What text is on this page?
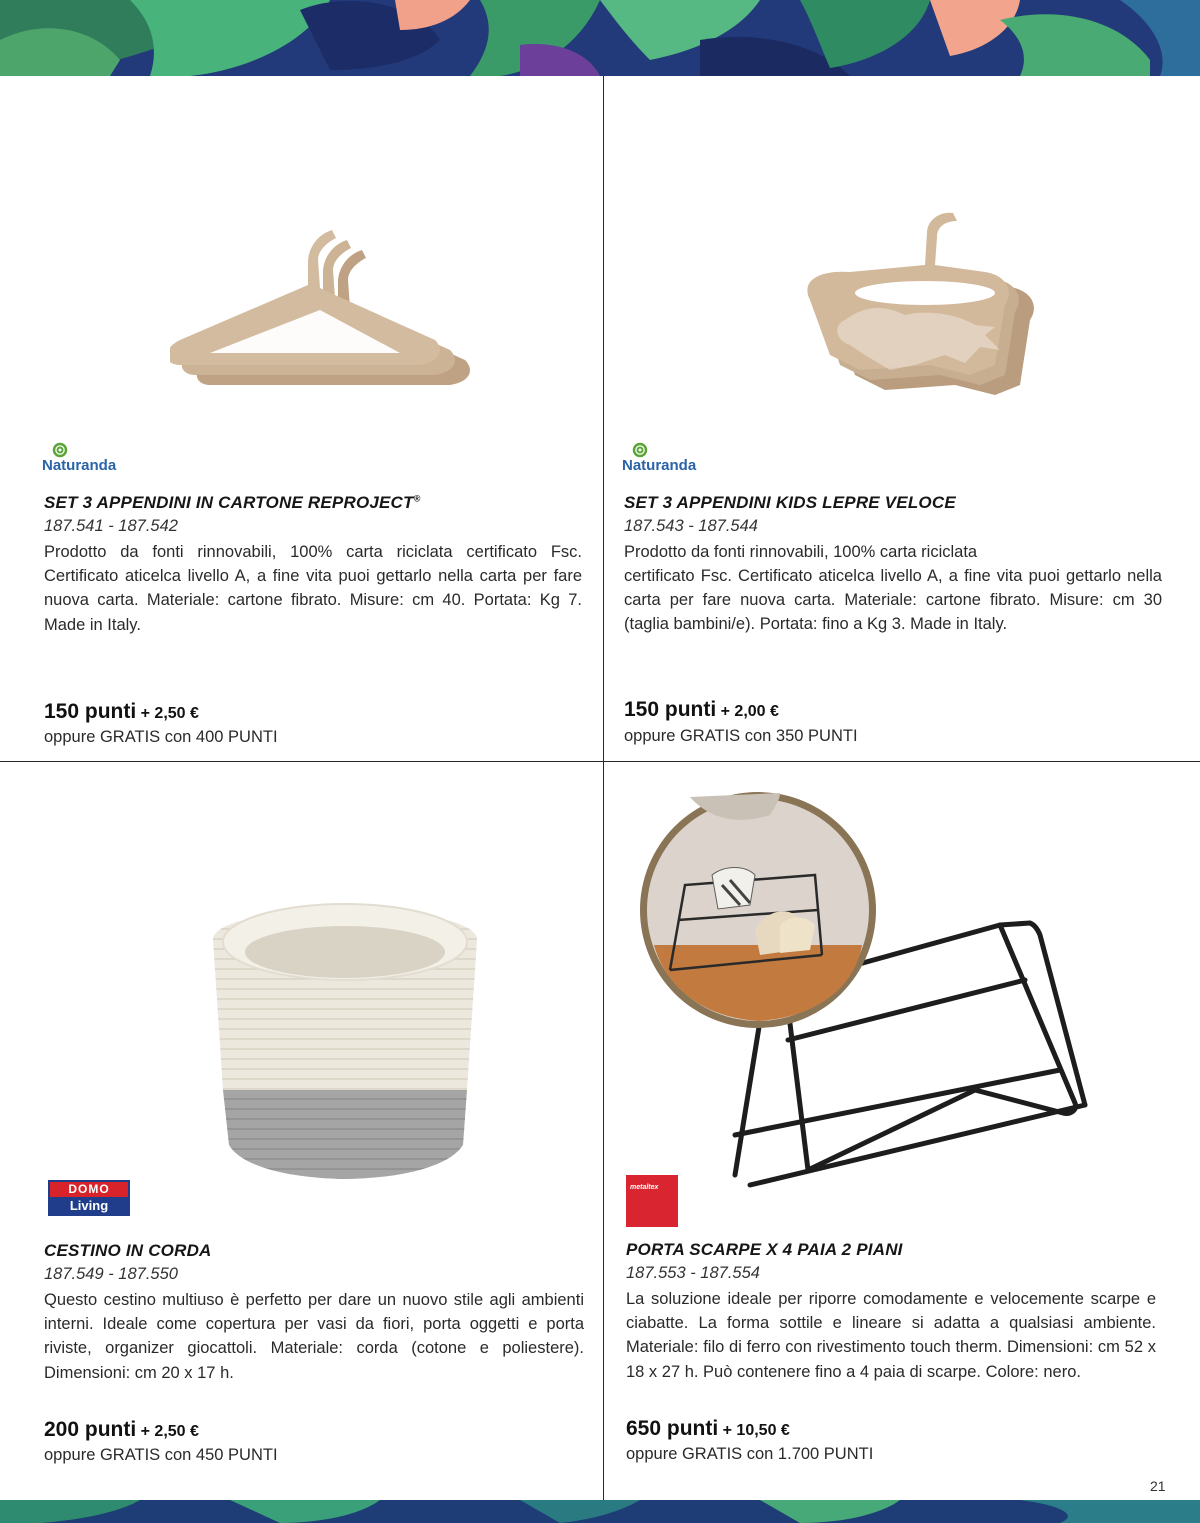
Naturanda
SET 3 APPENDINI IN CARTONE REPROJECT®
187.541 - 187.542
Prodotto da fonti rinnovabili, 100% carta riciclata certificato Fsc. Certificato aticelca livello A, a fine vita puoi gettarlo nella carta per fare nuova carta. Materiale: cartone fibrato. Misure: cm 40. Portata: Kg 7. Made in Italy.
150 punti + 2,50 €
oppure GRATIS con 400 PUNTI
Naturanda
SET 3 APPENDINI KIDS LEPRE VELOCE
187.543 - 187.544
Prodotto da fonti rinnovabili, 100% carta riciclata
certificato Fsc. Certificato aticelca livello A, a fine vita puoi gettarlo nella carta per fare nuova carta. Materiale: cartone fibrato. Misure: cm 30 (taglia bambini/e). Portata: fino a Kg 3. Made in Italy.
150 punti + 2,00 €
oppure GRATIS con 350 PUNTI
DOMO
Living
CESTINO IN CORDA
187.549 - 187.550
Questo cestino multiuso è perfetto per dare un nuovo stile agli ambienti interni. Ideale come copertura per vasi da fiori, porta oggetti e porta riviste, organizer giocattoli. Materiale: corda (cotone e poliestere). Dimensioni: cm 20 x 17 h.
200 punti + 2,50 €
oppure GRATIS con 450 PUNTI
metaltex
PORTA SCARPE X 4 PAIA 2 PIANI
187.553 - 187.554
La soluzione ideale per riporre comodamente e velocemente scarpe e ciabatte. La forma sottile e lineare si adatta a qualsiasi ambiente. Materiale: filo di ferro con rivestimento touch therm. Dimensioni: cm 52 x 18 x 27 h. Può contenere fino a 4 paia di scarpe. Colore: nero.
650 punti + 10,50 €
oppure GRATIS con 1.700 PUNTI
21
